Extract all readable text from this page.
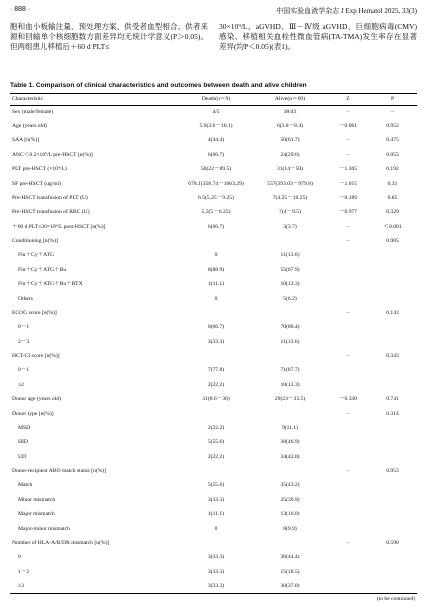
· 888 ·	中国实验血液学杂志 J Exp Hematol 2025, 33(3)

胞和血小板输注量、预处理方案、供受者血型相合、供者来源和回输单个核细胞数方面差异均无统计学意义(P＞0.05)。但两组患儿移植后＋60 d PLT≤

30×10⁹/L、aGVHD、Ⅲ－Ⅳ级 aGVHD、巨细胞病毒(CMV)感染、移植相关血栓性微血管病(TA-TMA)发生率存在显著差异(均P＜0.05)(表1)。

Table 1. Comparison of clinical characteristics and outcomes between death and alive children
Characteristic	Death(n＝9)	Alive(n＝69)	Z	P
Sex (male/female)	4/5	38/43	–	–
Age (years old)	5.9(3.6－10.1)	6(3.8－8.4)	－0.061	0.952
SAA [n(%)]	4(44.4)	50(61.7)	–	0.475
ANC＜0.2×10⁹/L pre-HSCT [n(%)]	6(66.7)	24(29.6)	–	0.055
PLT pre-HSCT (×10⁹/L)	50(22－89.5)	31(14－50)	－1.305	0.192
SF pre-HSCT (ug/ml)	678.1(358.74－1663.29)	557(393.03－979.8)	－1.015	0.31
Pre-HSCT transfusion of PLT (U)	6.5(5.25－9.25)	7(4.25－10.25)	－0.189	0.85
Pre-HSCT transfusion of RBC (U)	5.5(5－6.25)	7(4－9.5)	－0.977	0.329
＋60 d PLT≤30×10⁹/L post-HSCT [n(%)]	6(66.7)	3(3.7)	–	＜0.001
Conditioning [n(%)]			–	0.905
Flu＋Cy＋ATG	0	11(13.6)		
Flu＋Cy＋ATG＋Bu	8(88.9)	55(67.9)		
Flu＋Cy＋ATG＋Bu＋RTX	1(11.1)	10(12.3)		
Others	0	5(6.2)		
ECOG score [n(%)]			–	0.143
0－1	6(66.7)	70(86.4)		
2－3	3(33.3)	11(13.6)		
HCT-CI score [n(%)]			–	0.343
0－1	7(77.8)	71(87.7)		
≥2	2(22.2)	10(12.3)		
Donor age (years old)	31(8.6－36)	29(23－33.5)	－0.330	0.741
Donor type [n(%)]			–	0.314
MSD	2(22.2)	9(11.1)		
HID	5(55.6)	38(46.9)		
UD	2(22.2)	34(42.0)		
Donor-recipient ABO match status [n(%)]			–	0.953
Match	5(55.6)	35(43.2)		
Minor mismatch	3(33.3)	25(30.9)		
Major mismatch	1(11.1)	13(16.0)		
Major-minor mismatch	0	8(9.9)		
Number of HLA-A/B/DR mismatch [n(%)]			–	0.590
0	3(33.3)	36(44.4)		
1－2	3(33.3)	15(18.5)		
≥3	3(33.3)	30(37.0)		
(to be continued)
